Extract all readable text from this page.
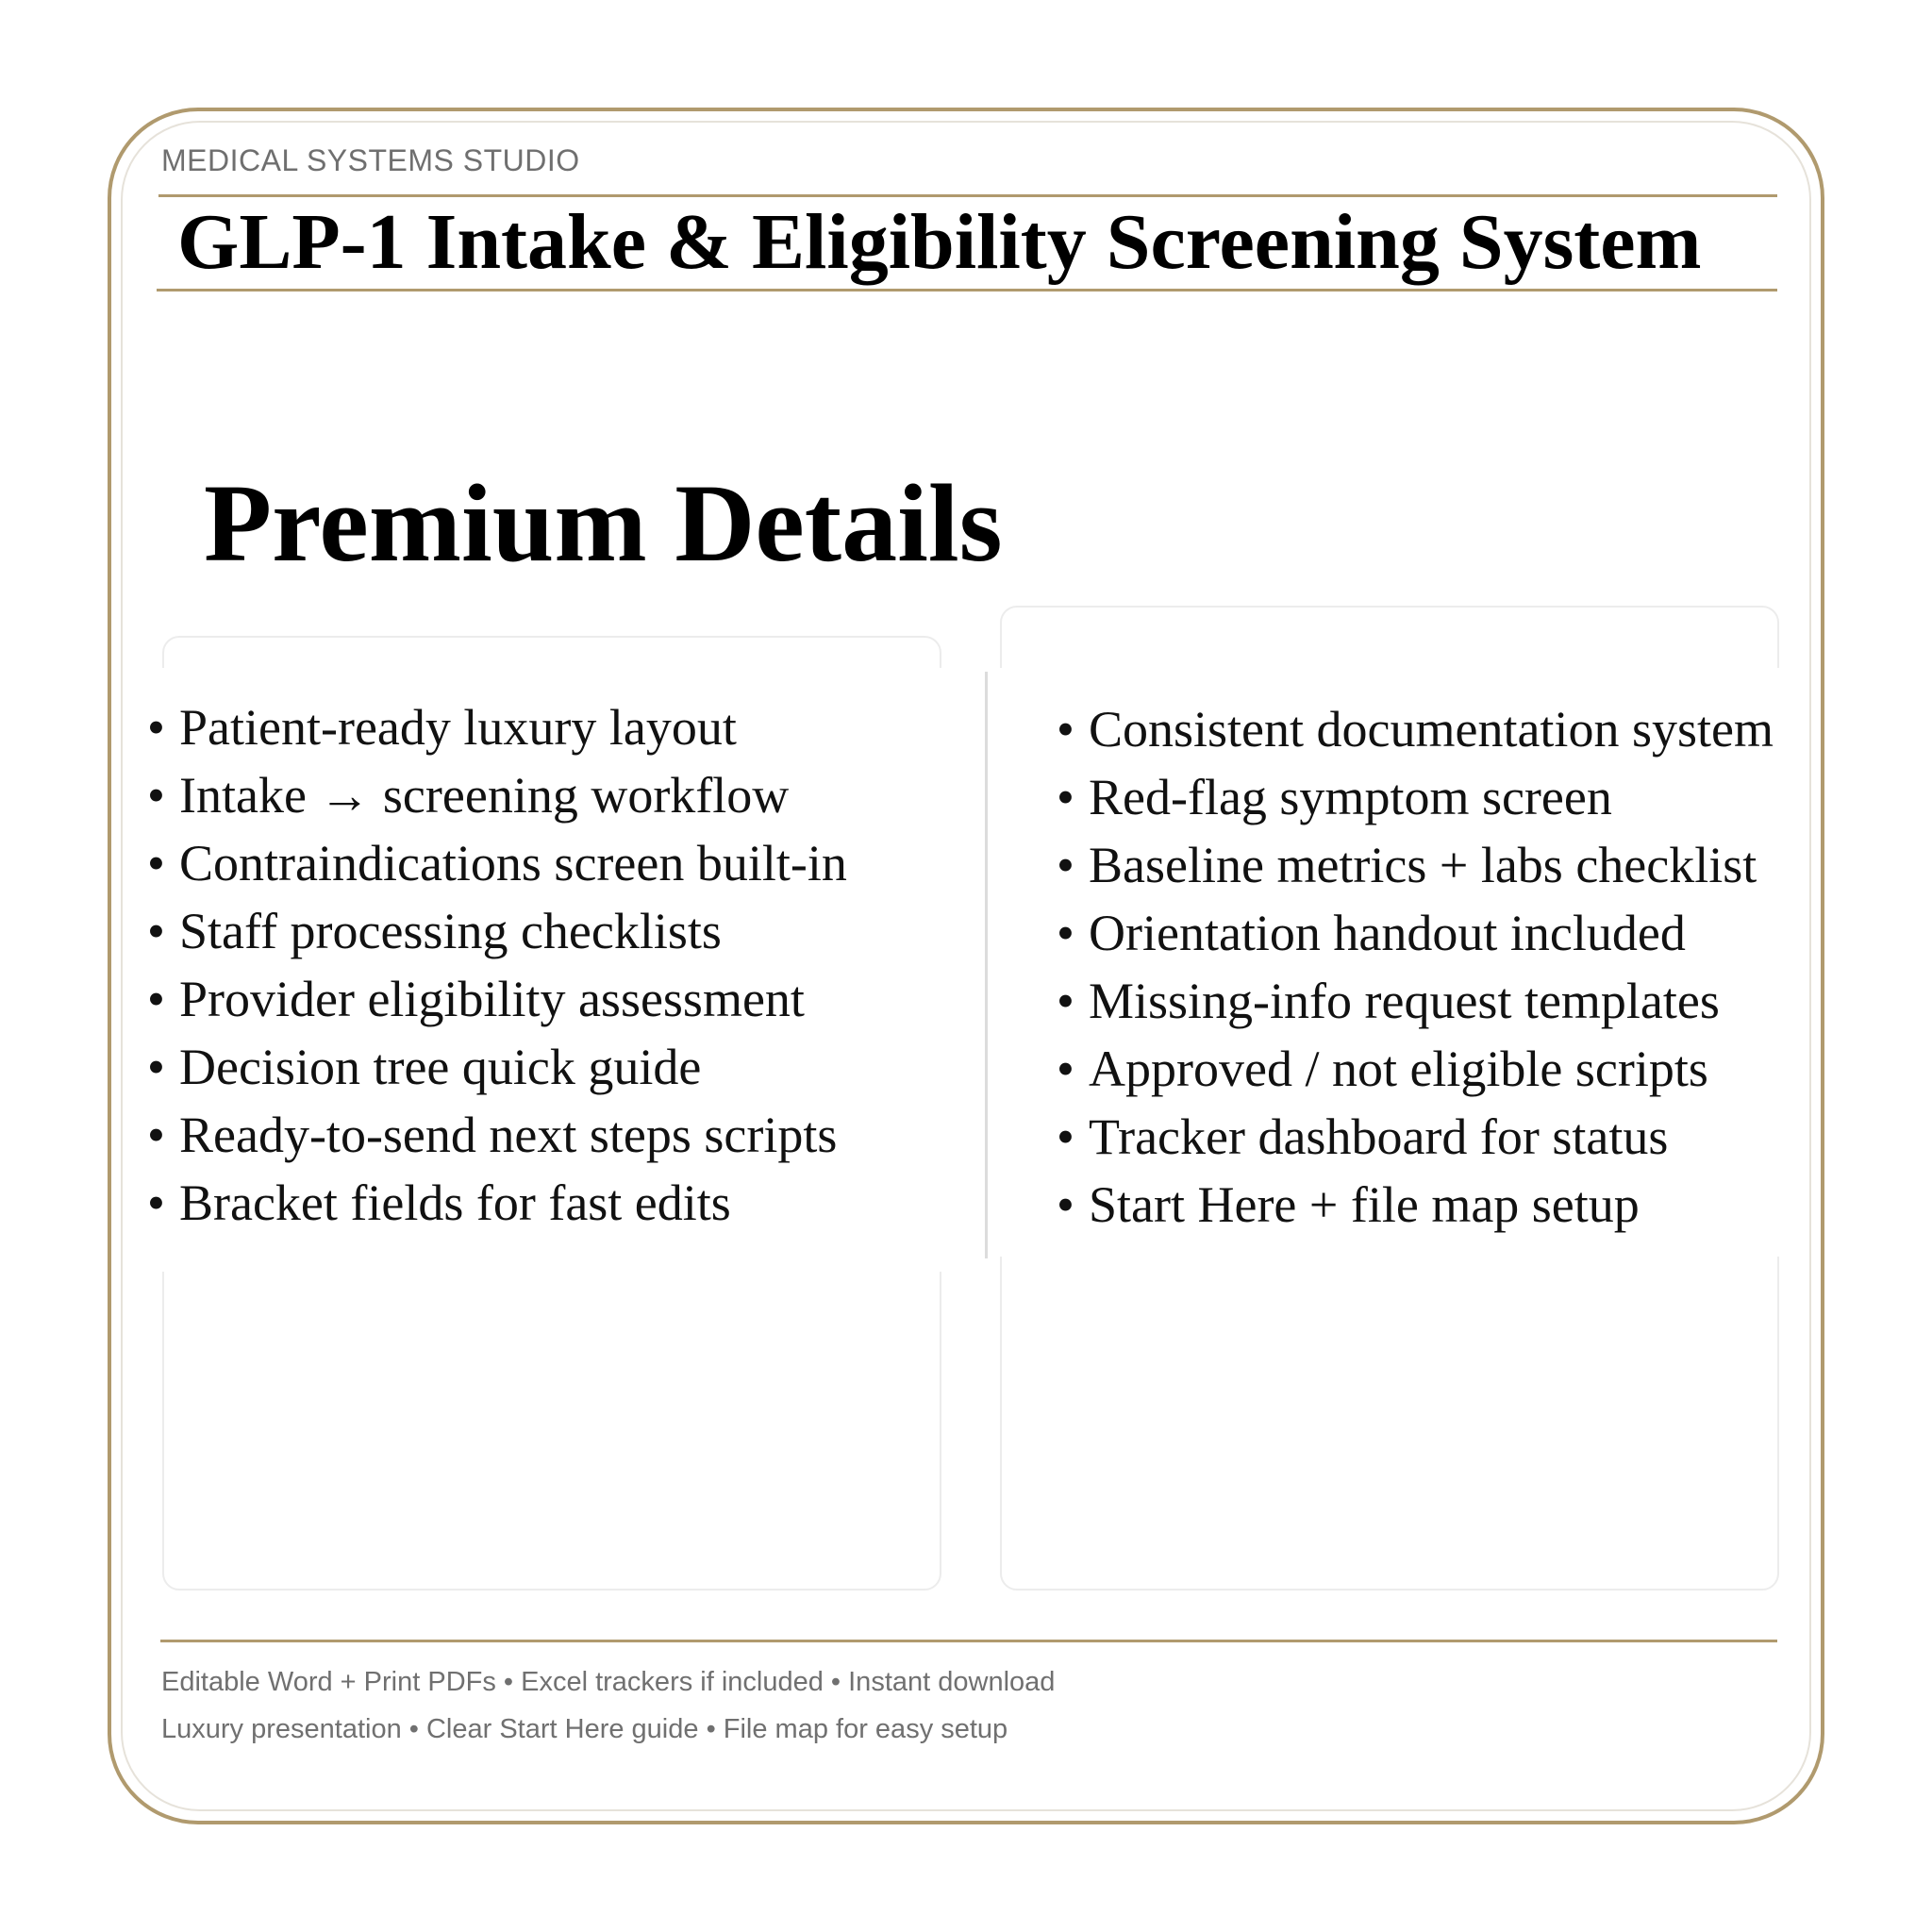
MEDICAL SYSTEMS STUDIO
GLP-1 Intake & Eligibility Screening System
Premium Details
• Patient-ready luxury layout
• Intake → screening workflow
• Contraindications screen built-in
• Staff processing checklists
• Provider eligibility assessment
• Decision tree quick guide
• Ready-to-send next steps scripts
• Bracket fields for fast edits
• Consistent documentation system
• Red-flag symptom screen
• Baseline metrics + labs checklist
• Orientation handout included
• Missing-info request templates
• Approved / not eligible scripts
• Tracker dashboard for status
• Start Here + file map setup
Editable Word + Print PDFs • Excel trackers if included • Instant download
Luxury presentation • Clear Start Here guide • File map for easy setup
